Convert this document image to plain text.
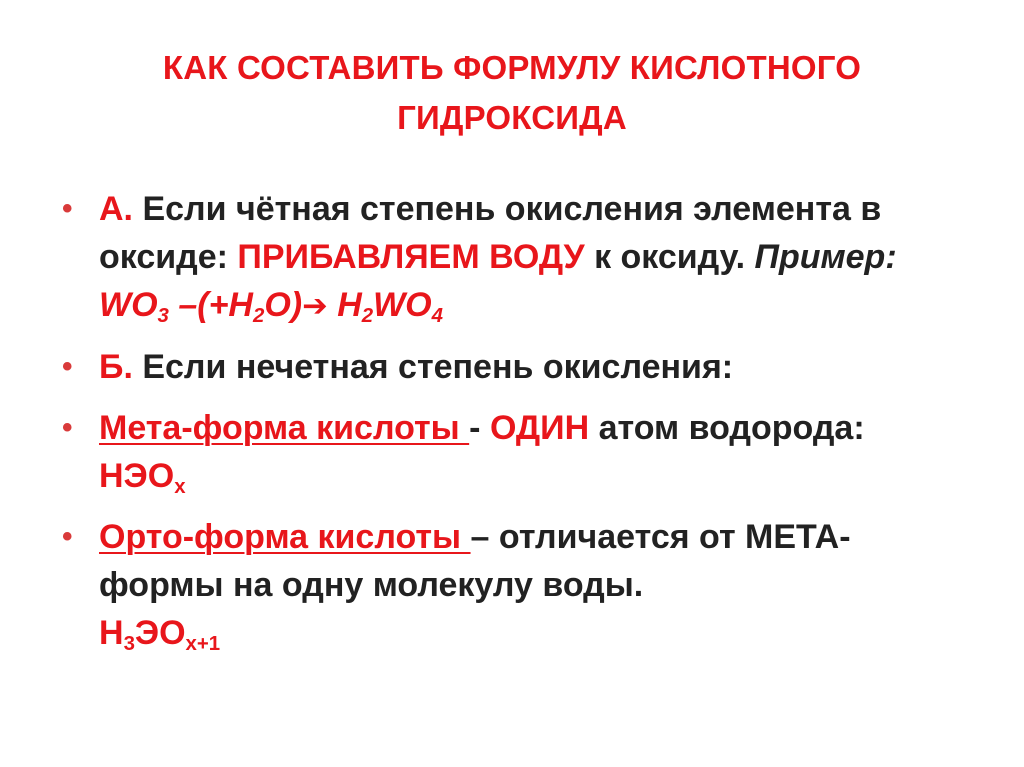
КАК СОСТАВИТЬ ФОРМУЛУ КИСЛОТНОГО
ГИДРОКСИДА
• А. Если чётная степень окисления элемента в оксиде: ПРИБАВЛЯЕМ ВОДУ к оксиду. Пример: $WO_3$ $-(+H_2O)➔$ $H_2WO_4$
• Б. Если нечетная степень окисления:
• Мета-форма кислоты - ОДИН атом водорода: $НЭО_х$
• Орто-форма кислоты – отличается от МЕТА-формы на одну молекулу воды.
$H_3ЭО_{х+1}$
